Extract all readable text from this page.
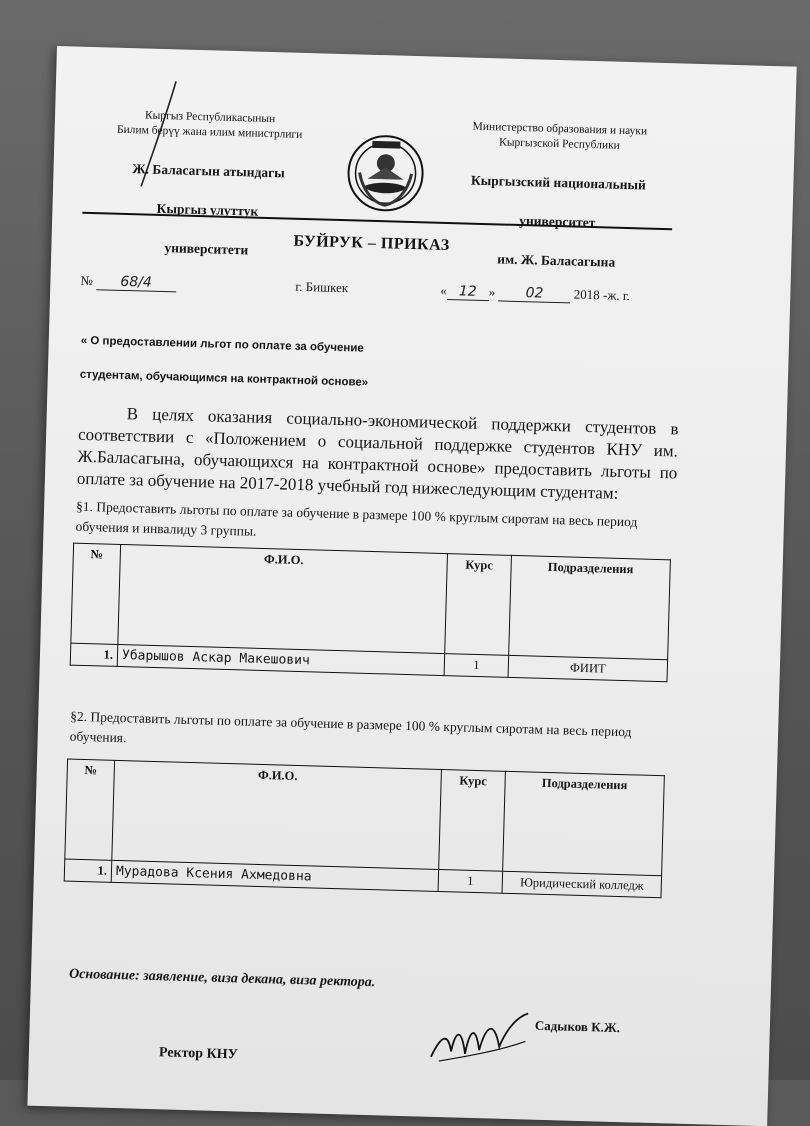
Кыргыз Республикасынын
Билим берүү жана илим министрлиги
Ж. Баласагын атындагы
Кыргыз улуттук
университети
Министерство образования и науки
Кыргызской Республики
Кыргызский национальный
университет
им. Ж. Баласагына
БУЙРУК – ПРИКАЗ
№ 68/4	г. Бишкек	« 12 » 02 2018 -ж. г.
« О предоставлении льгот по оплате за обучение
студентам, обучающимся на контрактной основе»
В целях оказания социально-экономической поддержки студентов в соответствии с «Положением о социальной поддержке студентов КНУ им. Ж.Баласагына, обучающихся на контрактной основе» предоставить льготы по оплате за обучение на 2017-2018 учебный год нижеследующим студентам:
§1. Предоставить льготы по оплате за обучение в размере 100 % круглым сиротам на весь период обучения и инвалиду 3 группы.
№	Ф.И.О.	Курс	Подразделения
1.	Убарышов Аскар Макешович	1	ФИИТ
§2. Предоставить льготы по оплате за обучение в размере 100 % круглым сиротам на весь период обучения.
№	Ф.И.О.	Курс	Подразделения
1.	Мурадова Ксения Ахмедовна	1	Юридический колледж
Основание: заявление, виза декана, виза ректора.
Садыков К.Ж.
Ректор КНУ
